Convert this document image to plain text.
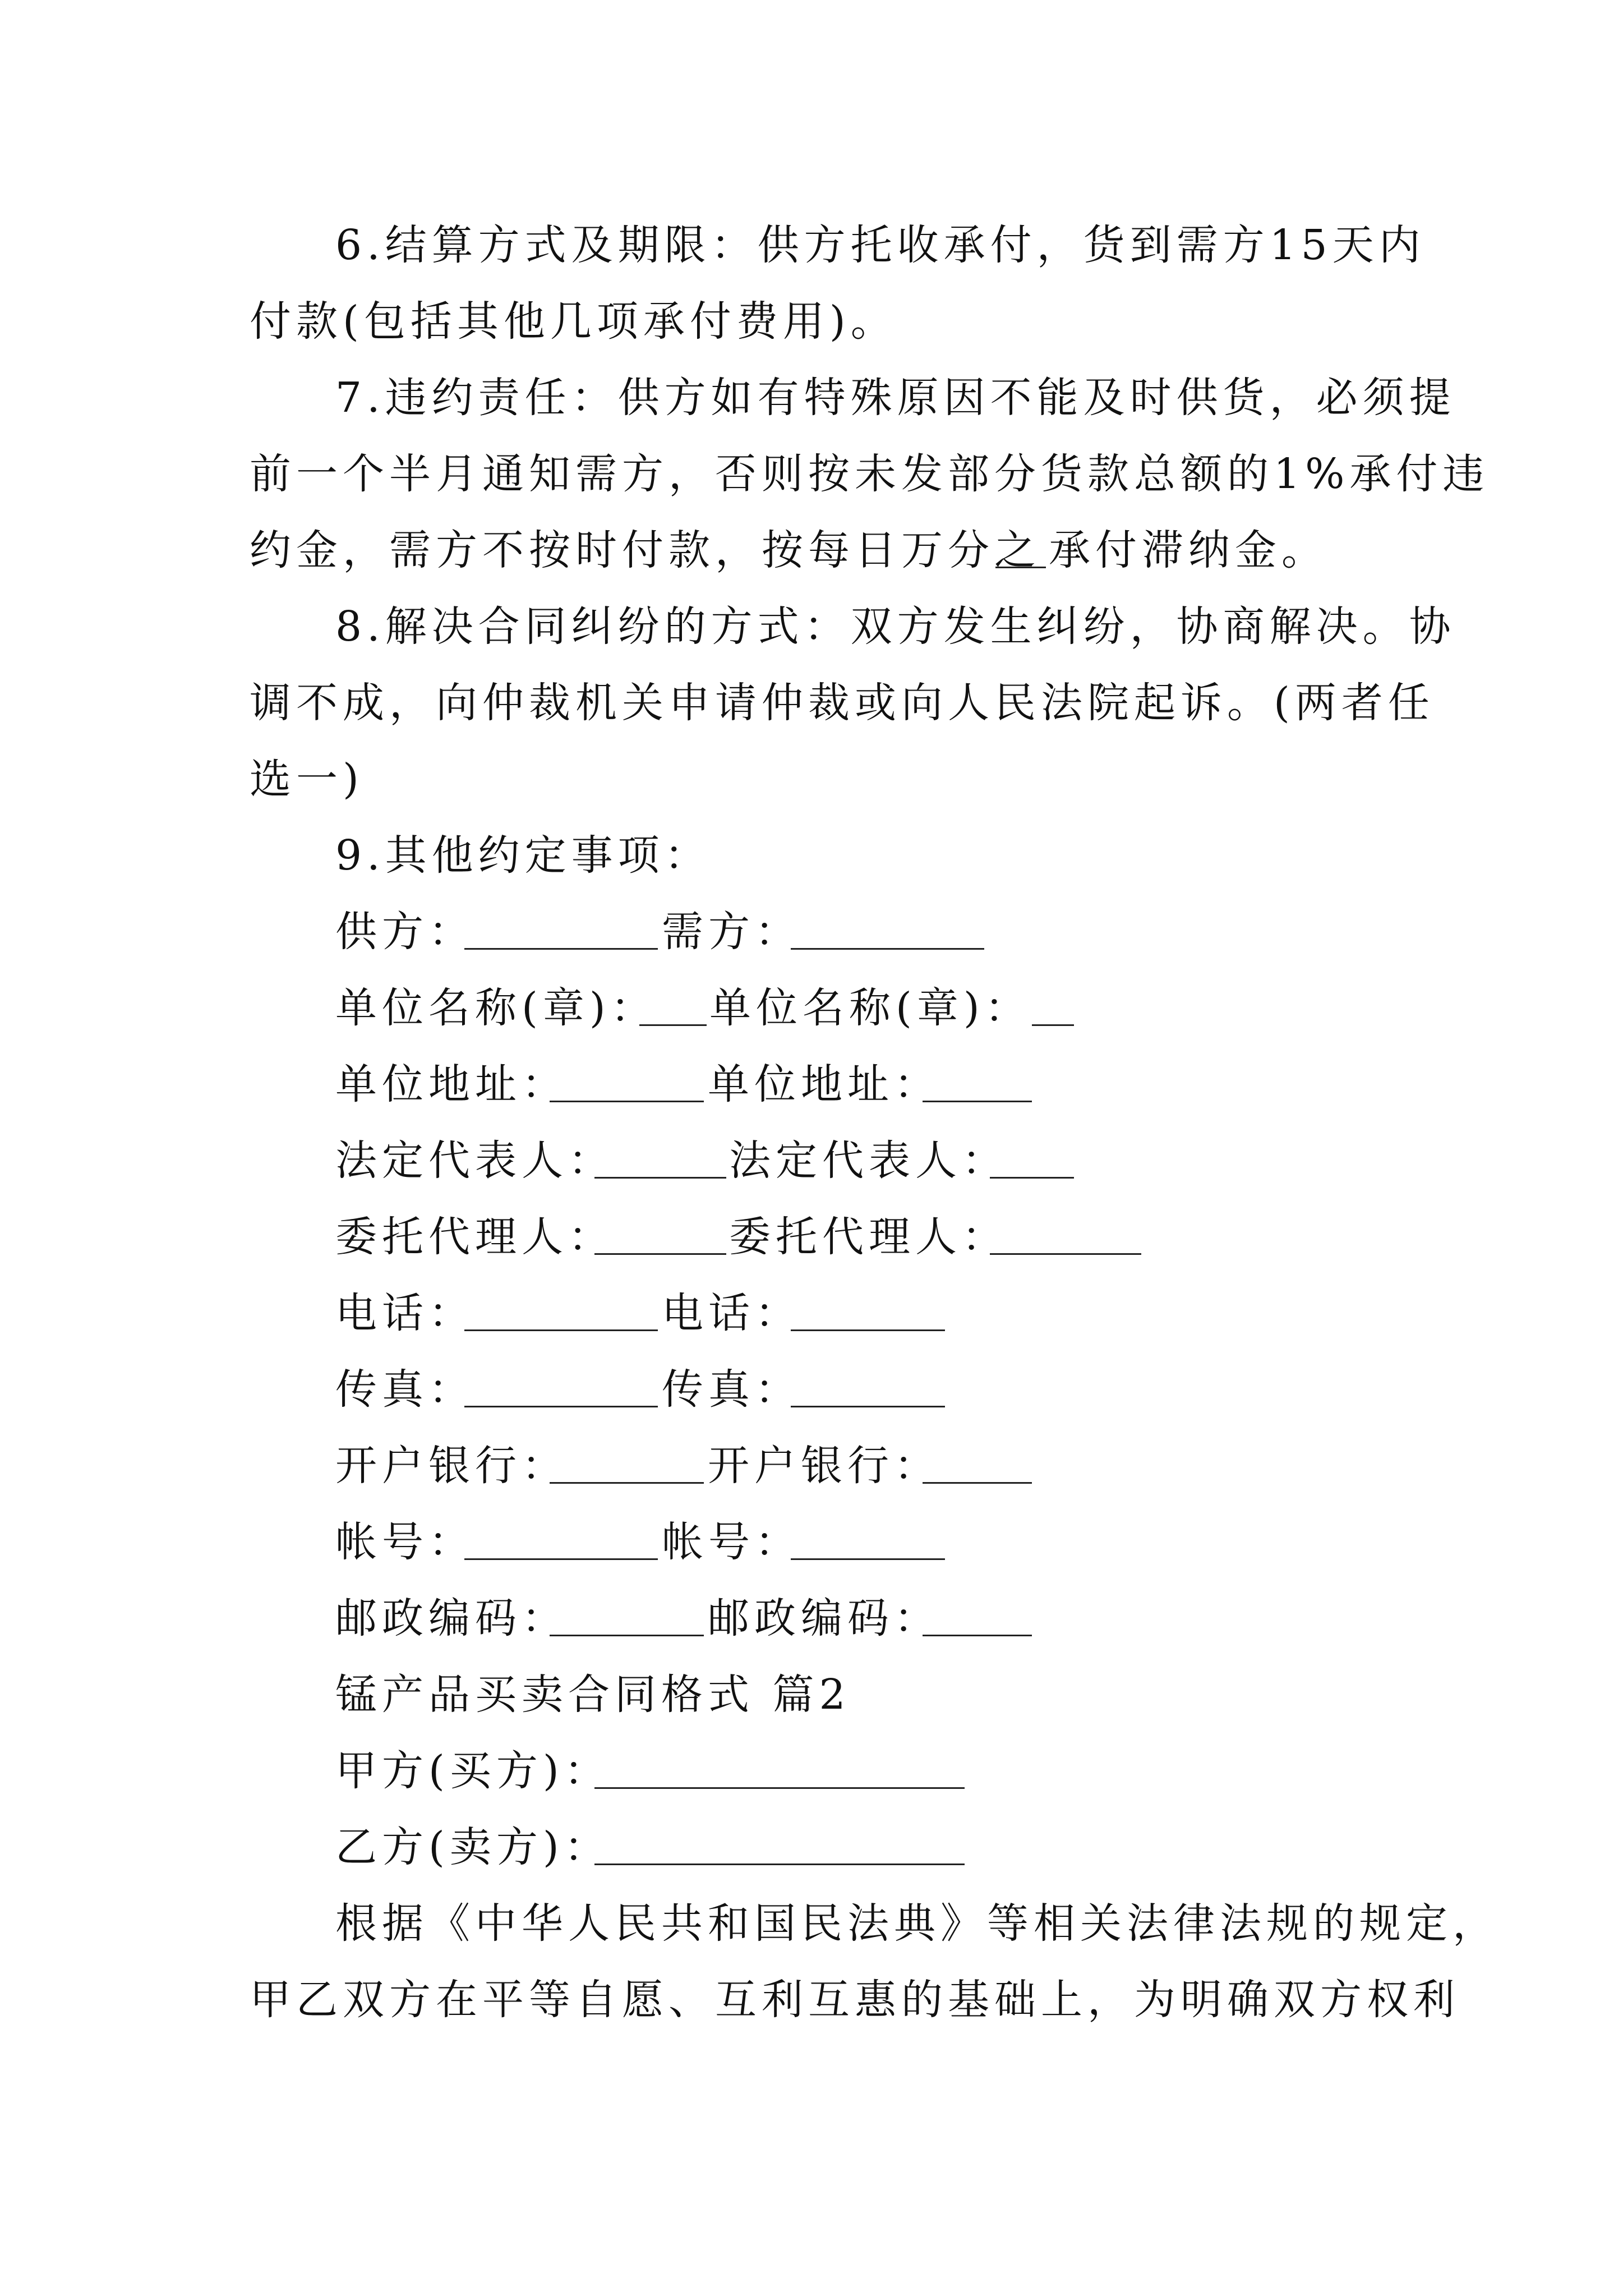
6.结算方式及期限：供方托收承付，货到需方15天内
付款(包括其他几项承付费用)。
7.违约责任：供方如有特殊原因不能及时供货，必须提
前一个半月通知需方，否则按未发部分货款总额的1%承付违
约金，需方不按时付款，按每日万分之 承付滞纳金。
8.解决合同纠纷的方式：双方发生纠纷，协商解决。协
调不成，向仲裁机关申请仲裁或向人民法院起诉。(两者任
选一)
9.其他约定事项：
供方：	需方：
单位名称(章)： 单位名称(章)：
单位地址：	单位地址：
法定代表人：	法定代表人：
委托代理人：	委托代理人：
电话：	电话：
传真：	传真：
开户银行：	开户银行：
帐号：	帐号：
邮政编码：	邮政编码：
锰产品买卖合同格式 篇2
甲方(买方)：
乙方(卖方)：
根据《中华人民共和国民法典》等相关法律法规的规定，
甲乙双方在平等自愿、互利互惠的基础上，为明确双方权利
